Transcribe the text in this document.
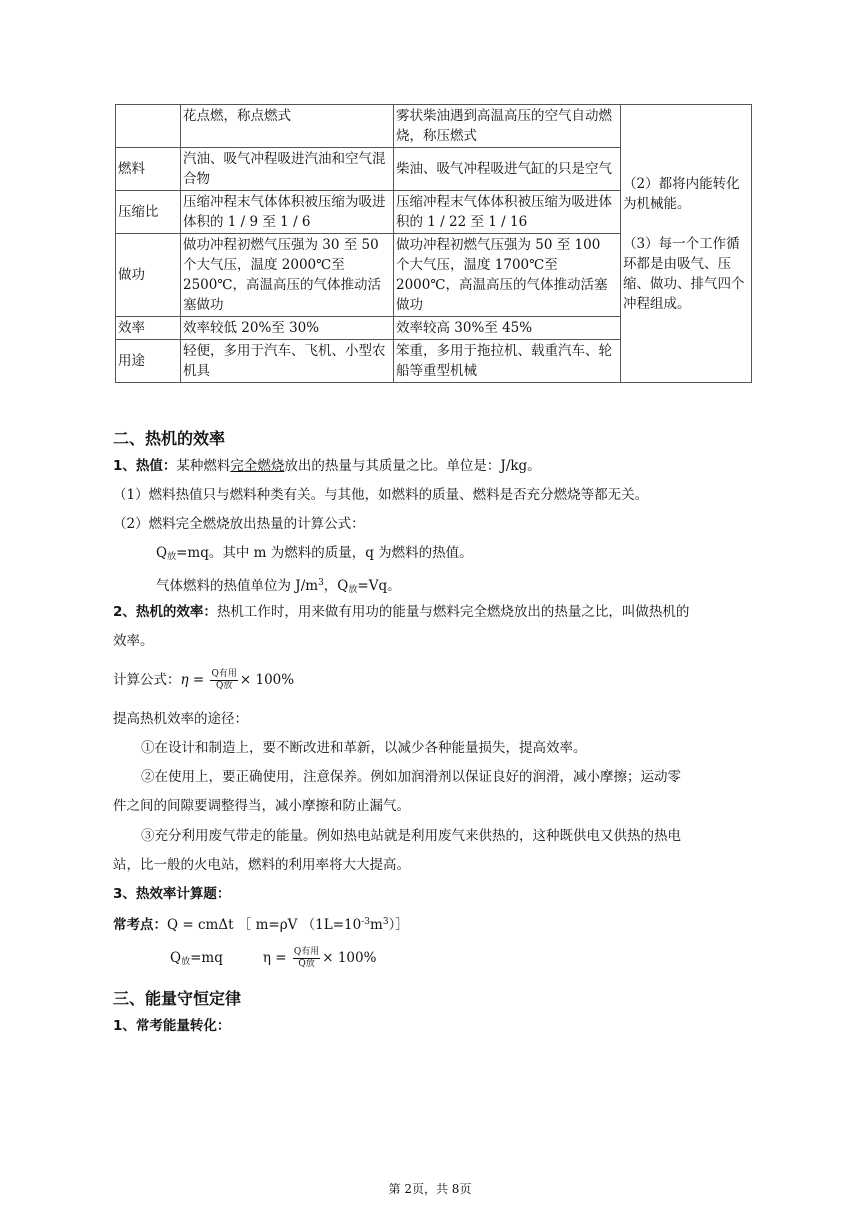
	花点燃，称点燃式	雾状柴油遇到高温高压的空气自动燃烧，称压燃式	（2）都将内能转化为机械能。
（3）每一个工作循环都是由吸气、压缩、做功、排气四个冲程组成。

燃料	汽油、吸气冲程吸进汽油和空气混合物	柴油、吸气冲程吸进气缸的只是空气	
压缩比	压缩冲程末气体体积被压缩为吸进体积的 1 / 9 至 1 / 6	压缩冲程末气体体积被压缩为吸进体积的 1 / 22 至 1 / 16	
做功	做功冲程初燃气压强为 30 至 50 个大气压，温度 2000℃至 2500℃，高温高压的气体推动活塞做功	做功冲程初燃气压强为 50 至 100 个大气压，温度 1700℃至 2000℃，高温高压的气体推动活塞做功	
效率	效率较低 20%至 30%	效率较高 30%至 45%	
用途	轻便，多用于汽车、飞机、小型农机具	笨重，多用于拖拉机、载重汽车、轮船等重型机械	
二、热机的效率
1、热值：某种燃料完全燃烧放出的热量与其质量之比。单位是：J/kg。
（1）燃料热值只与燃料种类有关。与其他，如燃料的质量、燃料是否充分燃烧等都无关。
（2）燃料完全燃烧放出热量的计算公式：
$Q_放=mq$。其中 m 为燃料的质量，q 为燃料的热值。
气体燃料的热值单位为 $J/m^3$，$Q_放=Vq$。
2、热机的效率：热机工作时，用来做有用功的能量与燃料完全燃烧放出的热量之比，叫做热机的
效率。
计算公式：$\eta = \frac{\text{Q有用}}{\text{Q放}} \times 100\%$
提高热机效率的途径：
①在设计和制造上，要不断改进和革新，以减少各种能量损失，提高效率。
②在使用上，要正确使用，注意保养。例如加润滑剂以保证良好的润滑，减小摩擦；运动零
件之间的间隙要调整得当，减小摩擦和防止漏气。
③充分利用废气带走的能量。例如热电站就是利用废气来供热的，这种既供电又供热的热电
站，比一般的火电站，燃料的利用率将大大提高。
3、热效率计算题：
常考点：Q = cmΔt ［ m=ρV $(1L=10^{-3}m^3)]$
$Q_放=mq$	$\eta = \frac{\text{Q有用}}{\text{Q放}} \times 100\%$
三、能量守恒定律
1、常考能量转化：
第 2页，共 8页
